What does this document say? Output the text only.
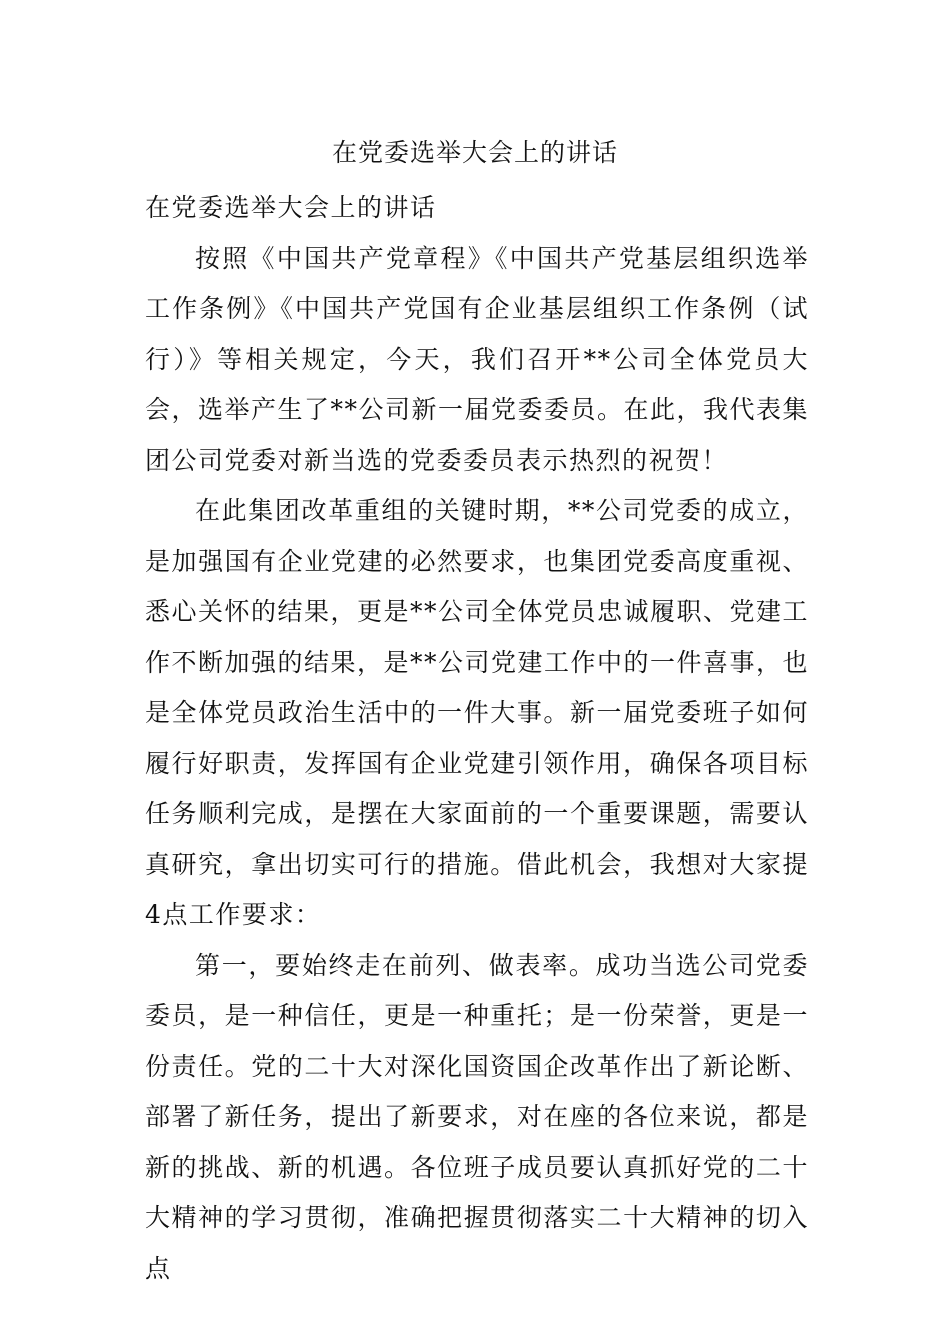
在党委选举大会上的讲话

在党委选举大会上的讲话

按照《中国共产党章程》《中国共产党基层组织选举工作条例》《中国共产党国有企业基层组织工作条例（试行）》等相关规定，今天，我们召开**公司全体党员大会，选举产生了**公司新一届党委委员。在此，我代表集团公司党委对新当选的党委委员表示热烈的祝贺！

在此集团改革重组的关键时期，**公司党委的成立，是加强国有企业党建的必然要求，也集团党委高度重视、悉心关怀的结果，更是**公司全体党员忠诚履职、党建工作不断加强的结果，是**公司党建工作中的一件喜事，也是全体党员政治生活中的一件大事。新一届党委班子如何履行好职责，发挥国有企业党建引领作用，确保各项目标任务顺利完成，是摆在大家面前的一个重要课题，需要认真研究，拿出切实可行的措施。借此机会，我想对大家提4点工作要求：

第一，要始终走在前列、做表率。成功当选公司党委委员，是一种信任，更是一种重托；是一份荣誉，更是一份责任。党的二十大对深化国资国企改革作出了新论断、部署了新任务，提出了新要求，对在座的各位来说，都是新的挑战、新的机遇。各位班子成员要认真抓好党的二十大精神的学习贯彻，准确把握贯彻落实二十大精神的切入点
